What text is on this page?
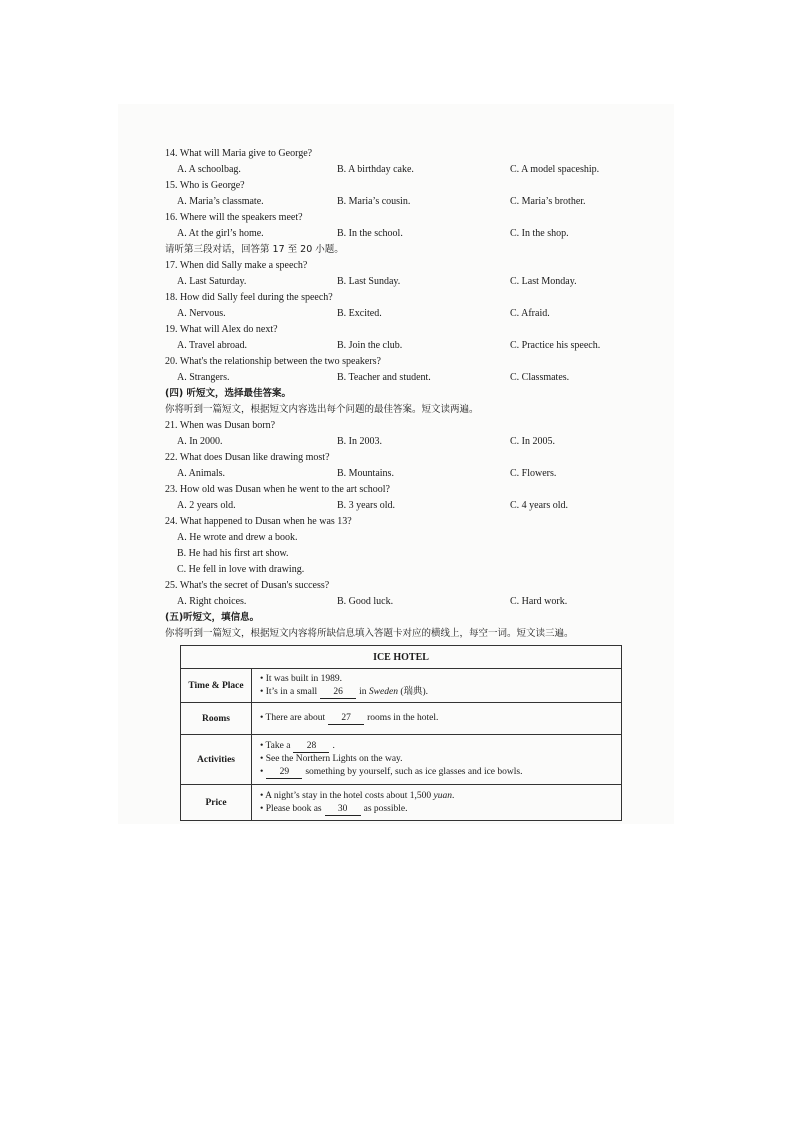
14. What will Maria give to George?
A. A schoolbag.	B. A birthday cake.	C. A model spaceship.
15. Who is George?
A. Maria’s classmate.	B. Maria’s cousin.	C. Maria’s brother.
16. Where will the speakers meet?
A. At the girl’s home.	B. In the school.	C. In the shop.
请听第三段对话，回答第 17 至 20 小题。
17. When did Sally make a speech?
A. Last Saturday.	B. Last Sunday.	C. Last Monday.
18. How did Sally feel during the speech?
A. Nervous.	B. Excited.	C. Afraid.
19. What will Alex do next?
A. Travel abroad.	B. Join the club.	C. Practice his speech.
20. What's the relationship between the two speakers?
A. Strangers.	B. Teacher and student.	C. Classmates.
(四) 听短文，选择最佳答案。
你将听到一篇短文，根据短文内容选出每个问题的最佳答案。短文读两遍。
21. When was Dusan born?
A. In 2000.	B. In 2003.	C. In 2005.
22. What does Dusan like drawing most?
A. Animals.	B. Mountains.	C. Flowers.
23. How old was Dusan when he went to the art school?
A. 2 years old.	B. 3 years old.	C. 4 years old.
24. What happened to Dusan when he was 13?
A. He wrote and drew a book.
B. He had his first art show.
C. He fell in love with drawing.
25. What's the secret of Dusan's success?
A. Right choices.	B. Good luck.	C. Hard work.
(五)听短文，填信息。
你将听到一篇短文，根据短文内容将所缺信息填入答题卡对应的横线上，每空一词。短文读三遍。
ICE HOTEL	
Time & Place	• It was built in 1989.
• It’s in a small 26 in Sweden (瑞典).

Rooms	• There are about 27 rooms in the hotel.
Activities	• Take a 28 .
• See the Northern Lights on the way.
• 29 something by yourself, such as ice glasses and ice bowls.

Price	• A night’s stay in the hotel costs about 1,500 yuan.
• Please book as 30 as possible.
